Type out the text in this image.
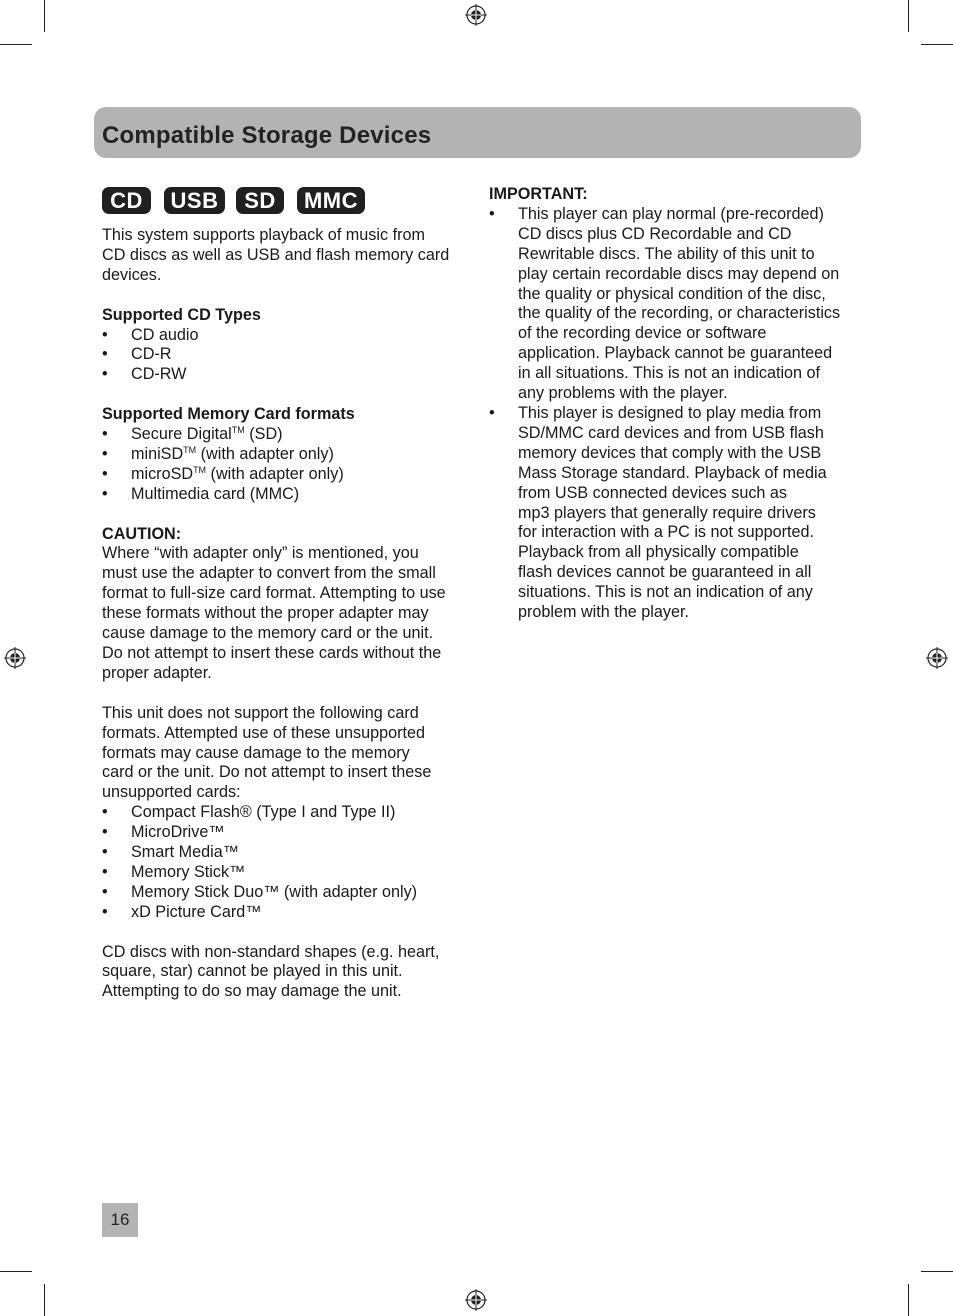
Compatible Storage Devices
CD	USB	SD	MMC

This system supports playback of music from

CD discs as well as USB and flash memory card

devices.

Supported CD Types

• CD audio
• CD-R
• CD-RW

Supported Memory Card formats

• Secure Digital™ (SD)
• miniSD™ (with adapter only)
• microSD™ (with adapter only)
• Multimedia card (MMC)

CAUTION:

Where “with adapter only” is mentioned, you

must use the adapter to convert from the small

format to full-size card format. Attempting to use

these formats without the proper adapter may

cause damage to the memory card or the unit.

Do not attempt to insert these cards without the

proper adapter.

This unit does not support the following card

formats. Attempted use of these unsupported

formats may cause damage to the memory

card or the unit. Do not attempt to insert these

unsupported cards:

• Compact Flash® (Type I and Type II)
• MicroDrive™
• Smart Media™
• Memory Stick™
• Memory Stick Duo™ (with adapter only)
• xD Picture Card™

CD discs with non-standard shapes (e.g. heart,

square, star) cannot be played in this unit.

Attempting to do so may damage the unit.

IMPORTANT:

• This player can play normal (pre-recorded)
CD discs plus CD Recordable and CD
Rewritable discs. The ability of this unit to
play certain recordable discs may depend on
the quality or physical condition of the disc,
the quality of the recording, or characteristics
of the recording device or software
application. Playback cannot be guaranteed
in all situations. This is not an indication of
any problems with the player.
• This player is designed to play media from
SD/MMC card devices and from USB flash
memory devices that comply with the USB
Mass Storage standard. Playback of media
from USB connected devices such as
mp3 players that generally require drivers
for interaction with a PC is not supported.
Playback from all physically compatible
flash devices cannot be guaranteed in all
situations. This is not an indication of any
problem with the player.
16
